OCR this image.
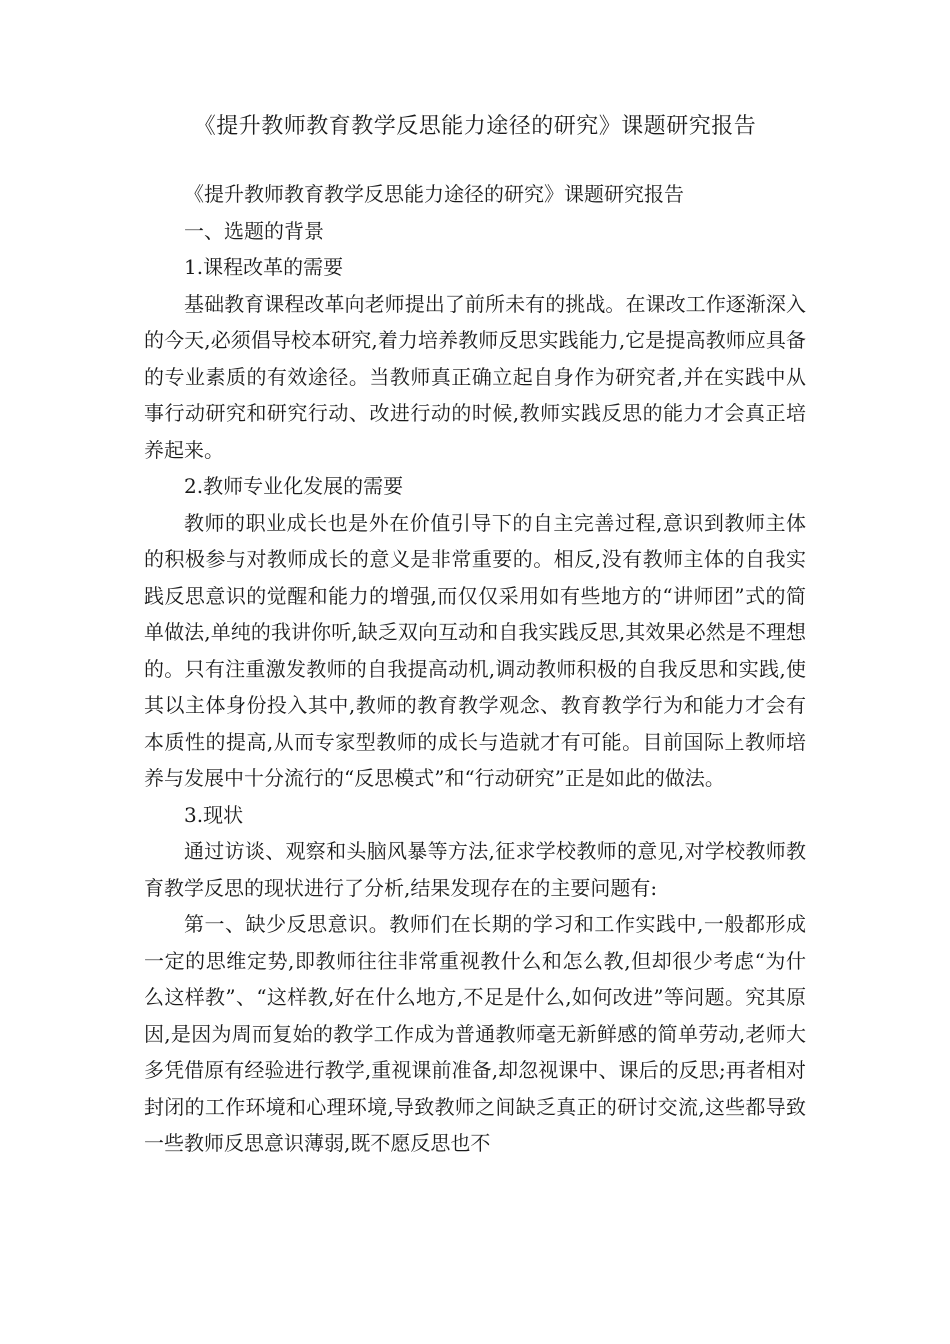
《提升教师教育教学反思能力途径的研究》课题研究报告

《提升教师教育教学反思能力途径的研究》课题研究报告

一、选题的背景

1.课程改革的需要

基础教育课程改革向老师提出了前所未有的挑战。在课改工作逐渐深入的今天,必须倡导校本研究,着力培养教师反思实践能力,它是提高教师应具备的专业素质的有效途径。当教师真正确立起自身作为研究者,并在实践中从事行动研究和研究行动、改进行动的时候,教师实践反思的能力才会真正培养起来。

2.教师专业化发展的需要

教师的职业成长也是外在价值引导下的自主完善过程,意识到教师主体的积极参与对教师成长的意义是非常重要的。相反,没有教师主体的自我实践反思意识的觉醒和能力的增强,而仅仅采用如有些地方的“讲师团”式的简单做法,单纯的我讲你听,缺乏双向互动和自我实践反思,其效果必然是不理想的。只有注重激发教师的自我提高动机,调动教师积极的自我反思和实践,使其以主体身份投入其中,教师的教育教学观念、教育教学行为和能力才会有本质性的提高,从而专家型教师的成长与造就才有可能。目前国际上教师培养与发展中十分流行的“反思模式”和“行动研究”正是如此的做法。

3.现状

通过访谈、观察和头脑风暴等方法,征求学校教师的意见,对学校教师教育教学反思的现状进行了分析,结果发现存在的主要问题有:

第一、缺少反思意识。教师们在长期的学习和工作实践中,一般都形成一定的思维定势,即教师往往非常重视教什么和怎么教,但却很少考虑“为什么这样教”、“这样教,好在什么地方,不足是什么,如何改进”等问题。究其原因,是因为周而复始的教学工作成为普通教师毫无新鲜感的简单劳动,老师大多凭借原有经验进行教学,重视课前准备,却忽视课中、课后的反思;再者相对封闭的工作环境和心理环境,导致教师之间缺乏真正的研讨交流,这些都导致一些教师反思意识薄弱,既不愿反思也不
